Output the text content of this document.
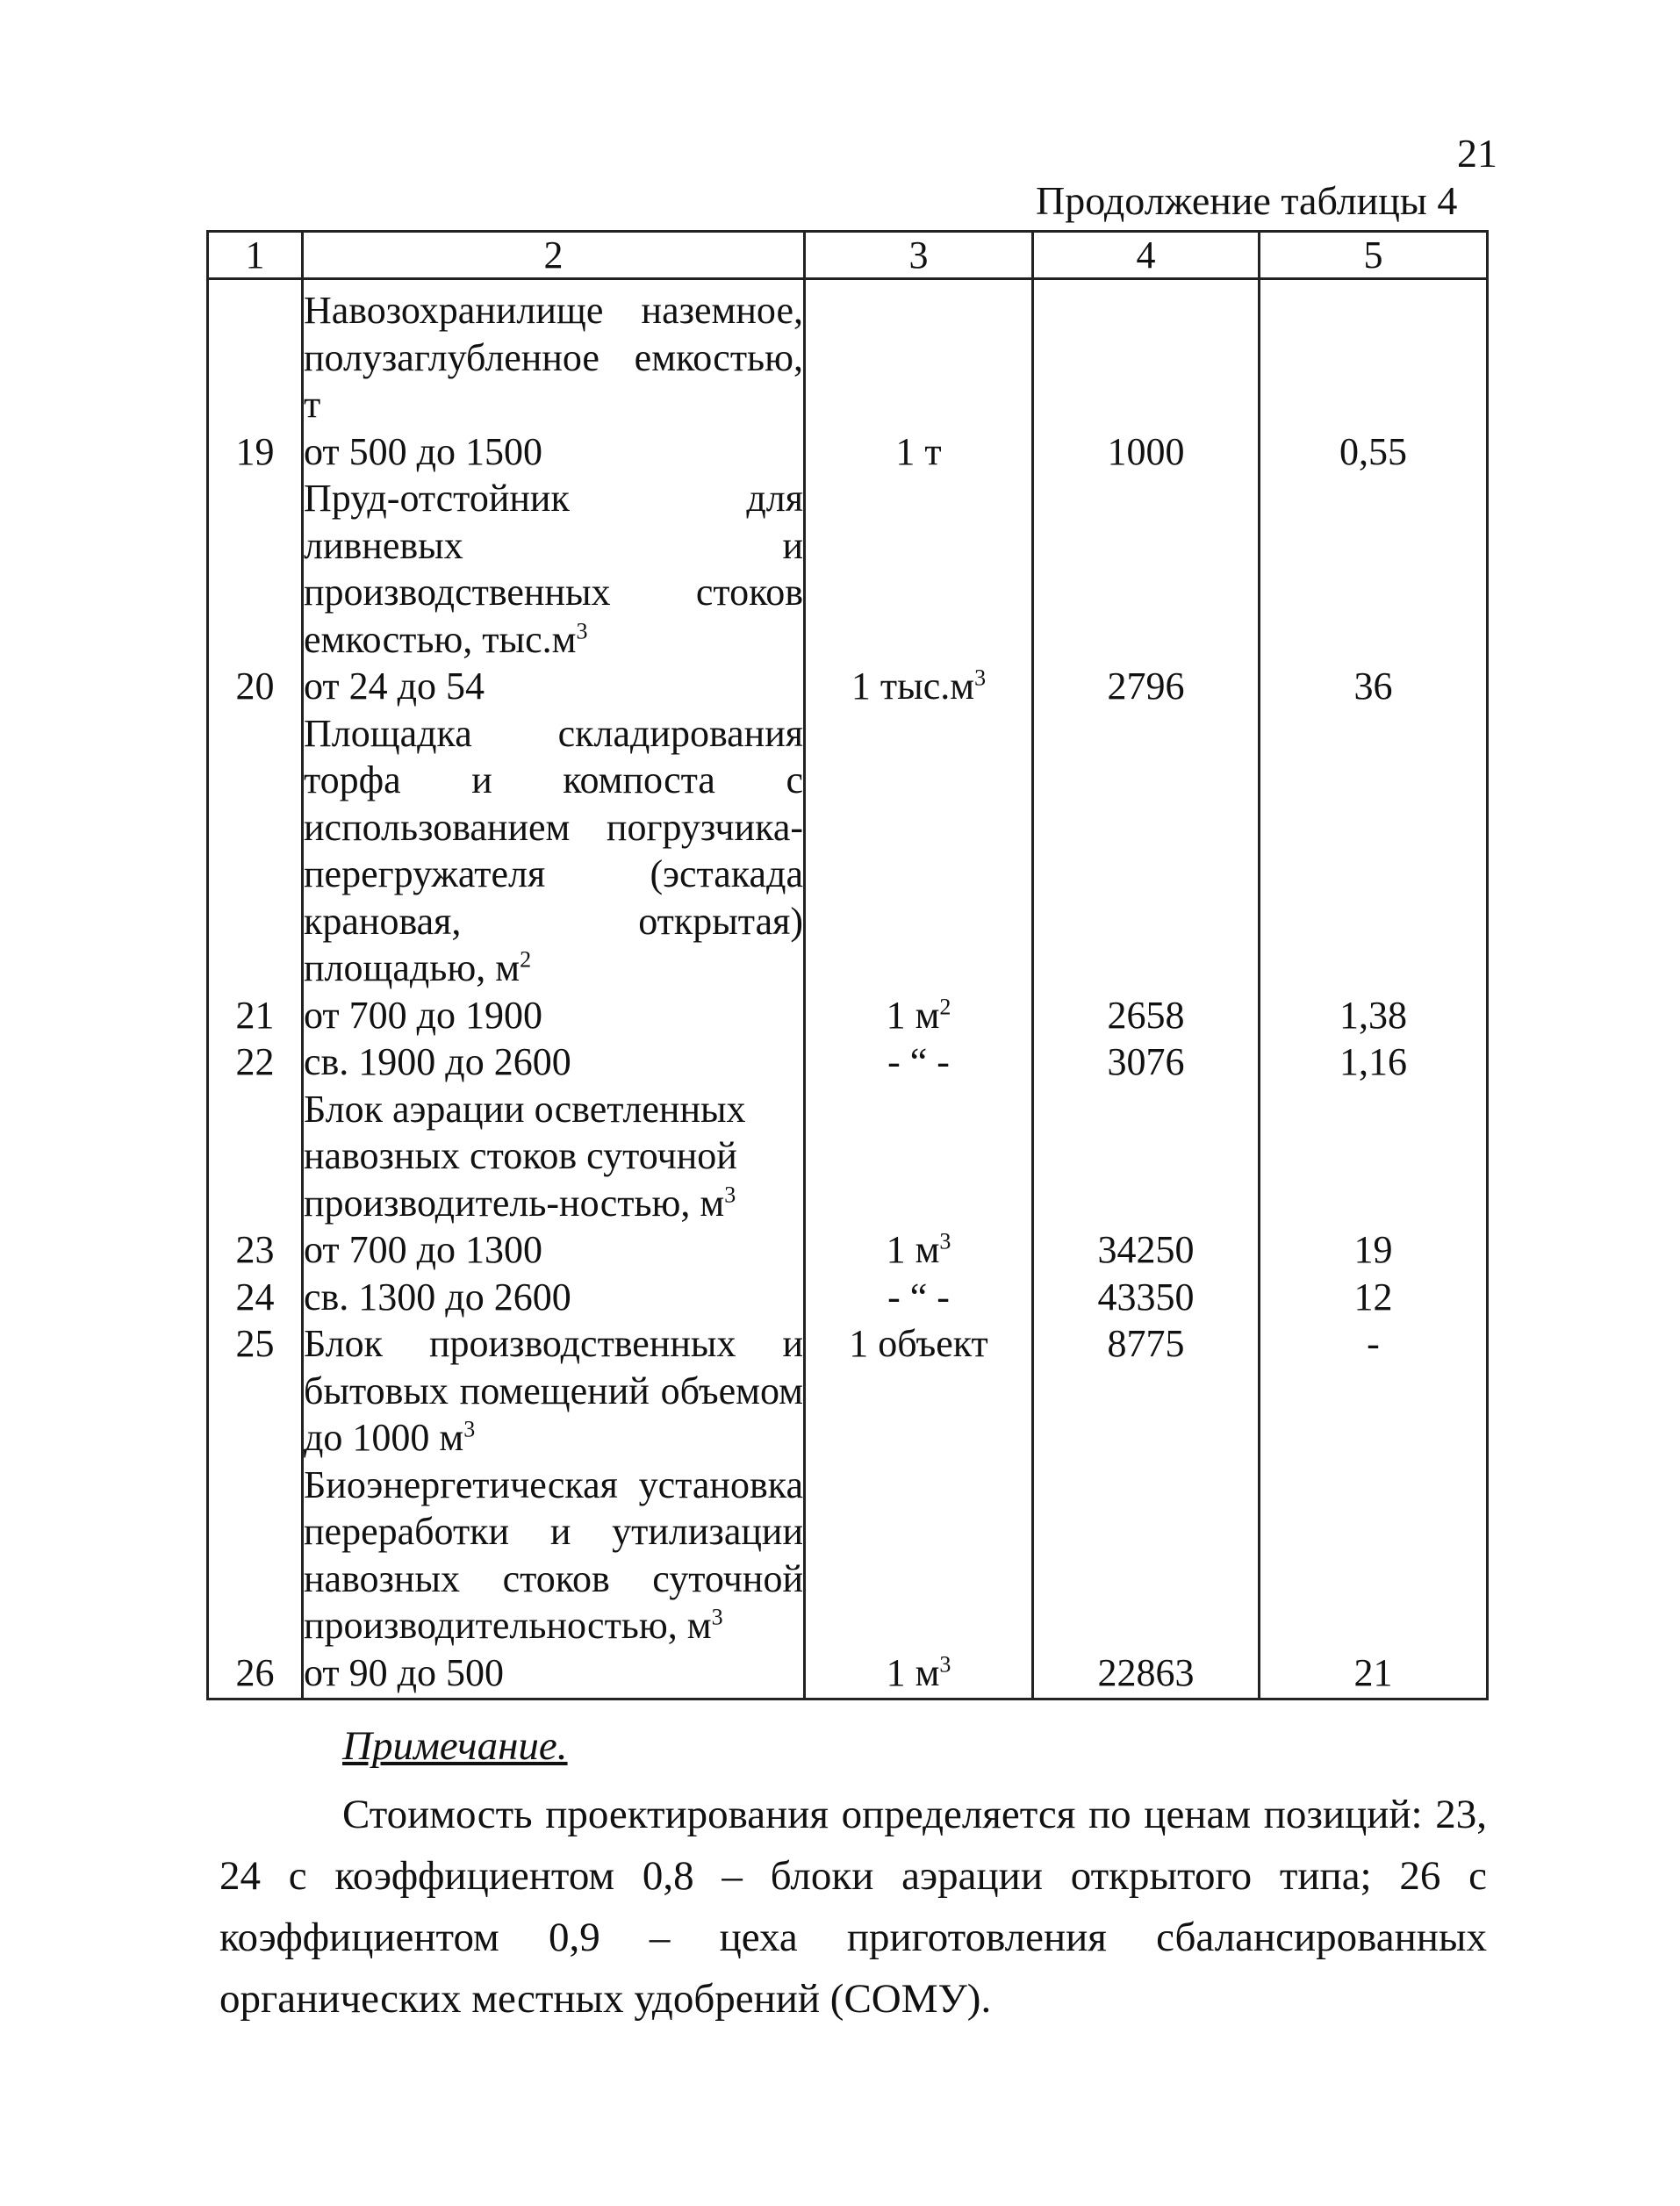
21
Продолжение таблицы 4
1	2	3	4	5
	Навозохранилище наземное, полузаглубленное емкостью, т			
19	от 500 до 1500	1 т	1000	0,55
	Пруд-отстойник для ливневых и производственных стоков емкостью, $тыс.м^3$			
20	от 24 до 54	1 $тыс.м^3$	2796	36
	Площадка складирования торфа и компоста с использованием погрузчика-перегружателя (эстакада крановая, открытая) площадью, $м^2$			
21	от 700 до 1900	1 $м^2$	2658	1,38
22	св. 1900 до 2600	- “ -	3076	1,16
	Блок аэрации осветленных навозных стоков суточной производитель-ностью, $м^3$			
23	от 700 до 1300	1 $м^3$	34250	19
24	св. 1300 до 2600	- “ -	43350	12
25	Блок производственных и бытовых помещений объемом до 1000 $м^3$	1 объект	8775	-
	Биоэнергетическая установка переработки и утилизации навозных стоков суточной производительностью, $м^3$			
26	от 90 до 500	1 $м^3$	22863	21
Примечание.
Стоимость проектирования определяется по ценам позиций: 23, 24 с коэффициентом 0,8 – блоки аэрации открытого типа; 26 с коэффициентом 0,9 – цеха приготовления сбалансированных органических местных удобрений (СОМУ).
